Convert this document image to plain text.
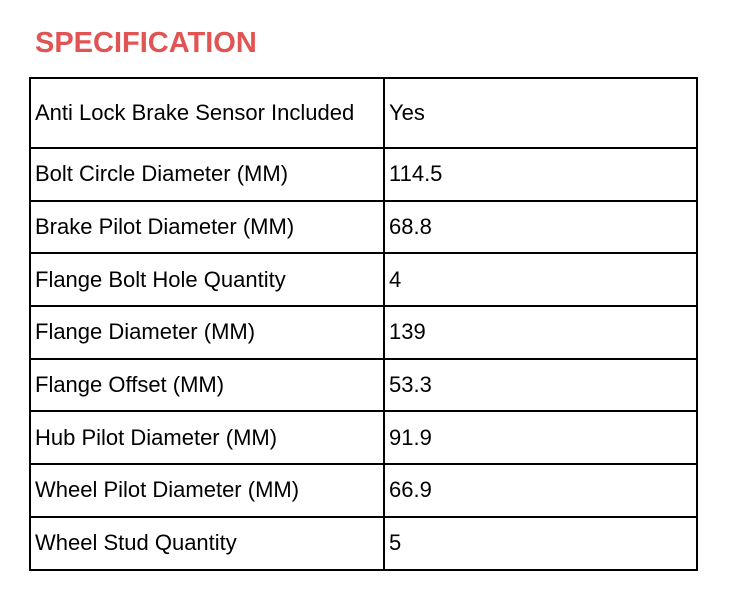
SPECIFICATION
Anti Lock Brake Sensor Included	Yes
Bolt Circle Diameter (MM)	114.5
Brake Pilot Diameter (MM)	68.8
Flange Bolt Hole Quantity	4
Flange Diameter (MM)	139
Flange Offset (MM)	53.3
Hub Pilot Diameter (MM)	91.9
Wheel Pilot Diameter (MM)	66.9
Wheel Stud Quantity	5
